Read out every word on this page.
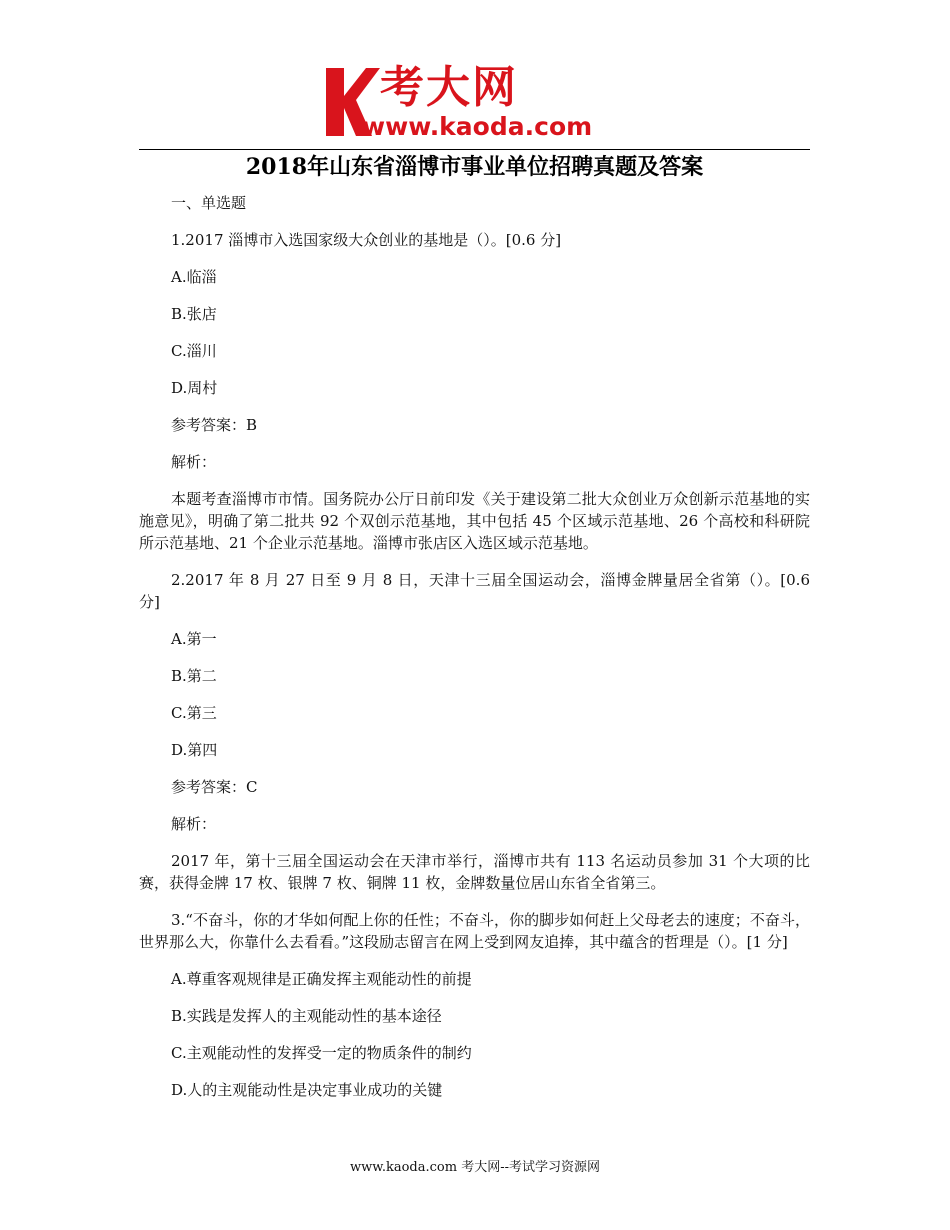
考大网
www.kaoda.com
2018年山东省淄博市事业单位招聘真题及答案

一、单选题

1.2017 淄博市入选国家级大众创业的基地是（）。[0.6 分]

A.临淄

B.张店

C.淄川

D.周村

参考答案：B

解析：

本题考查淄博市市情。国务院办公厅日前印发《关于建设第二批大众创业万众创新示范基地的实施意见》，明确了第二批共 92 个双创示范基地，其中包括 45 个区域示范基地、26 个高校和科研院所示范基地、21 个企业示范基地。淄博市张店区入选区域示范基地。

2.2017 年 8 月 27 日至 9 月 8 日，天津十三届全国运动会，淄博金牌量居全省第（）。[0.6 分]

A.第一

B.第二

C.第三

D.第四

参考答案：C

解析：

2017 年，第十三届全国运动会在天津市举行，淄博市共有 113 名运动员参加 31 个大项的比赛，获得金牌 17 枚、银牌 7 枚、铜牌 11 枚，金牌数量位居山东省全省第三。

3.“不奋斗，你的才华如何配上你的任性；不奋斗，你的脚步如何赶上父母老去的速度；不奋斗，世界那么大，你靠什么去看看。”这段励志留言在网上受到网友追捧，其中蕴含的哲理是（）。[1 分]

A.尊重客观规律是正确发挥主观能动性的前提

B.实践是发挥人的主观能动性的基本途径

C.主观能动性的发挥受一定的物质条件的制约

D.人的主观能动性是决定事业成功的关键

www.kaoda.com 考大网--考试学习资源网
